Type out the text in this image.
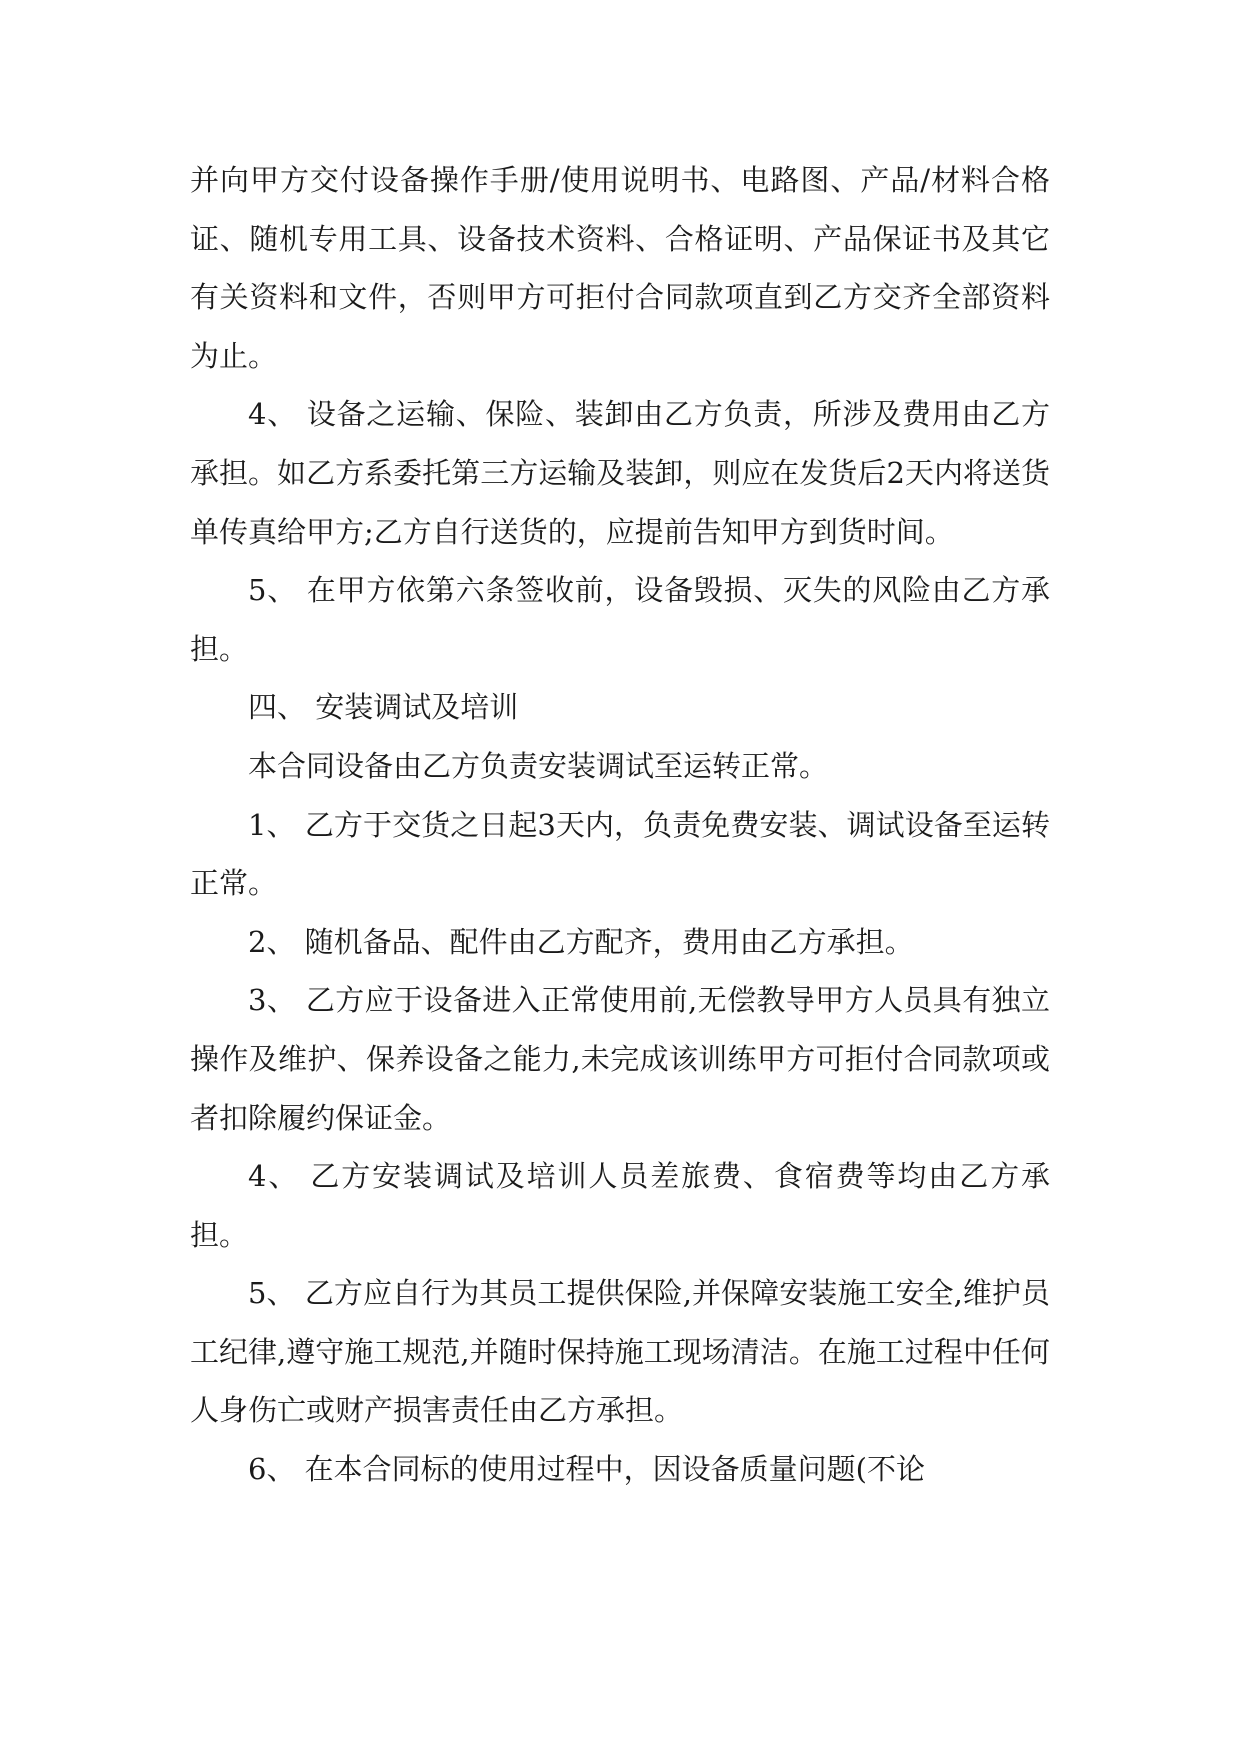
并向甲方交付设备操作手册/使用说明书、电路图、产品/材料合格证、随机专用工具、设备技术资料、合格证明、产品保证书及其它有关资料和文件，否则甲方可拒付合同款项直到乙方交齐全部资料为止。

4、 设备之运输、保险、装卸由乙方负责，所涉及费用由乙方承担。如乙方系委托第三方运输及装卸，则应在发货后2天内将送货单传真给甲方;乙方自行送货的，应提前告知甲方到货时间。

5、 在甲方依第六条签收前，设备毁损、灭失的风险由乙方承担。

四、 安装调试及培训

本合同设备由乙方负责安装调试至运转正常。

1、 乙方于交货之日起3天内，负责免费安装、调试设备至运转正常。

2、 随机备品、配件由乙方配齐，费用由乙方承担。

3、 乙方应于设备进入正常使用前,无偿教导甲方人员具有独立操作及维护、保养设备之能力,未完成该训练甲方可拒付合同款项或者扣除履约保证金。

4、 乙方安装调试及培训人员差旅费、食宿费等均由乙方承担。

5、 乙方应自行为其员工提供保险,并保障安装施工安全,维护员工纪律,遵守施工规范,并随时保持施工现场清洁。在施工过程中任何人身伤亡或财产损害责任由乙方承担。

6、 在本合同标的使用过程中，因设备质量问题(不论
